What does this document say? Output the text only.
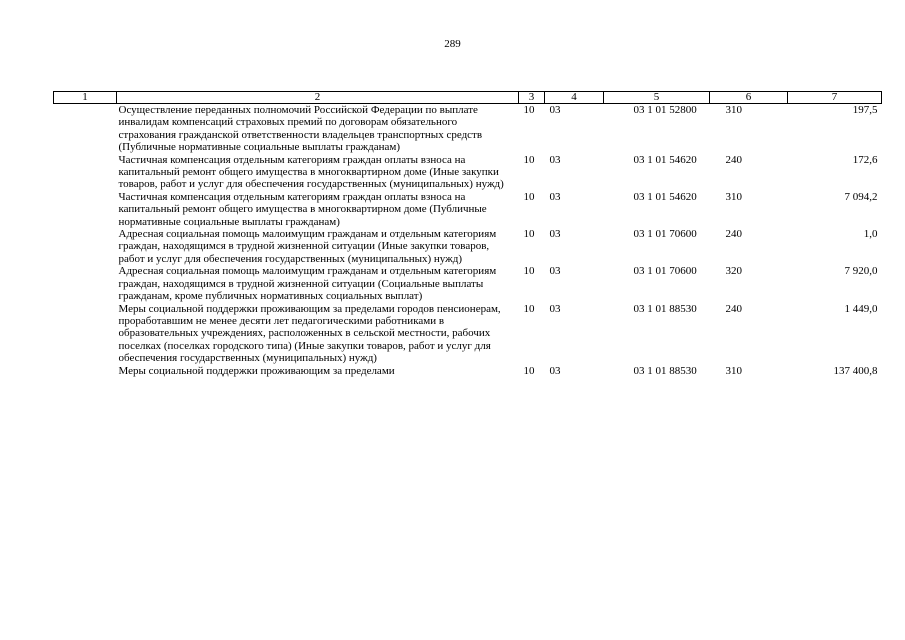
289
1	2	3	4	5	6	7
	Осуществление переданных полномочий Российской Федерации по выплате инвалидам компенсаций страховых премий по договорам обязательного страхования гражданской ответственности владельцев транспортных средств (Публичные нормативные социальные выплаты гражданам)	10	03	03 1 01 52800	310	197,5
	Частичная компенсация отдельным категориям граждан оплаты взноса на капитальный ремонт общего имущества в многоквартирном доме (Иные закупки товаров, работ и услуг для обеспечения государственных (муниципальных) нужд)	10	03	03 1 01 54620	240	172,6
	Частичная компенсация отдельным категориям граждан оплаты взноса на капитальный ремонт общего имущества в многоквартирном доме (Публичные нормативные социальные выплаты гражданам)	10	03	03 1 01 54620	310	7 094,2
	Адресная социальная помощь малоимущим гражданам и отдельным категориям граждан, находящимся в трудной жизненной ситуации (Иные закупки товаров, работ и услуг для обеспечения государственных (муниципальных) нужд)	10	03	03 1 01 70600	240	1,0
	Адресная социальная помощь малоимущим гражданам и отдельным категориям граждан, находящимся в трудной жизненной ситуации (Социальные выплаты гражданам, кроме публичных нормативных социальных выплат)	10	03	03 1 01 70600	320	7 920,0
	Меры социальной поддержки проживающим за пределами городов пенсионерам, проработавшим не менее десяти лет педагогическими работниками в образовательных учреждениях, расположенных в сельской местности, рабочих поселках (поселках городского типа) (Иные закупки товаров, работ и услуг для обеспечения государственных (муниципальных) нужд)	10	03	03 1 01 88530	240	1 449,0
	Меры социальной поддержки проживающим за пределами	10	03	03 1 01 88530	310	137 400,8
